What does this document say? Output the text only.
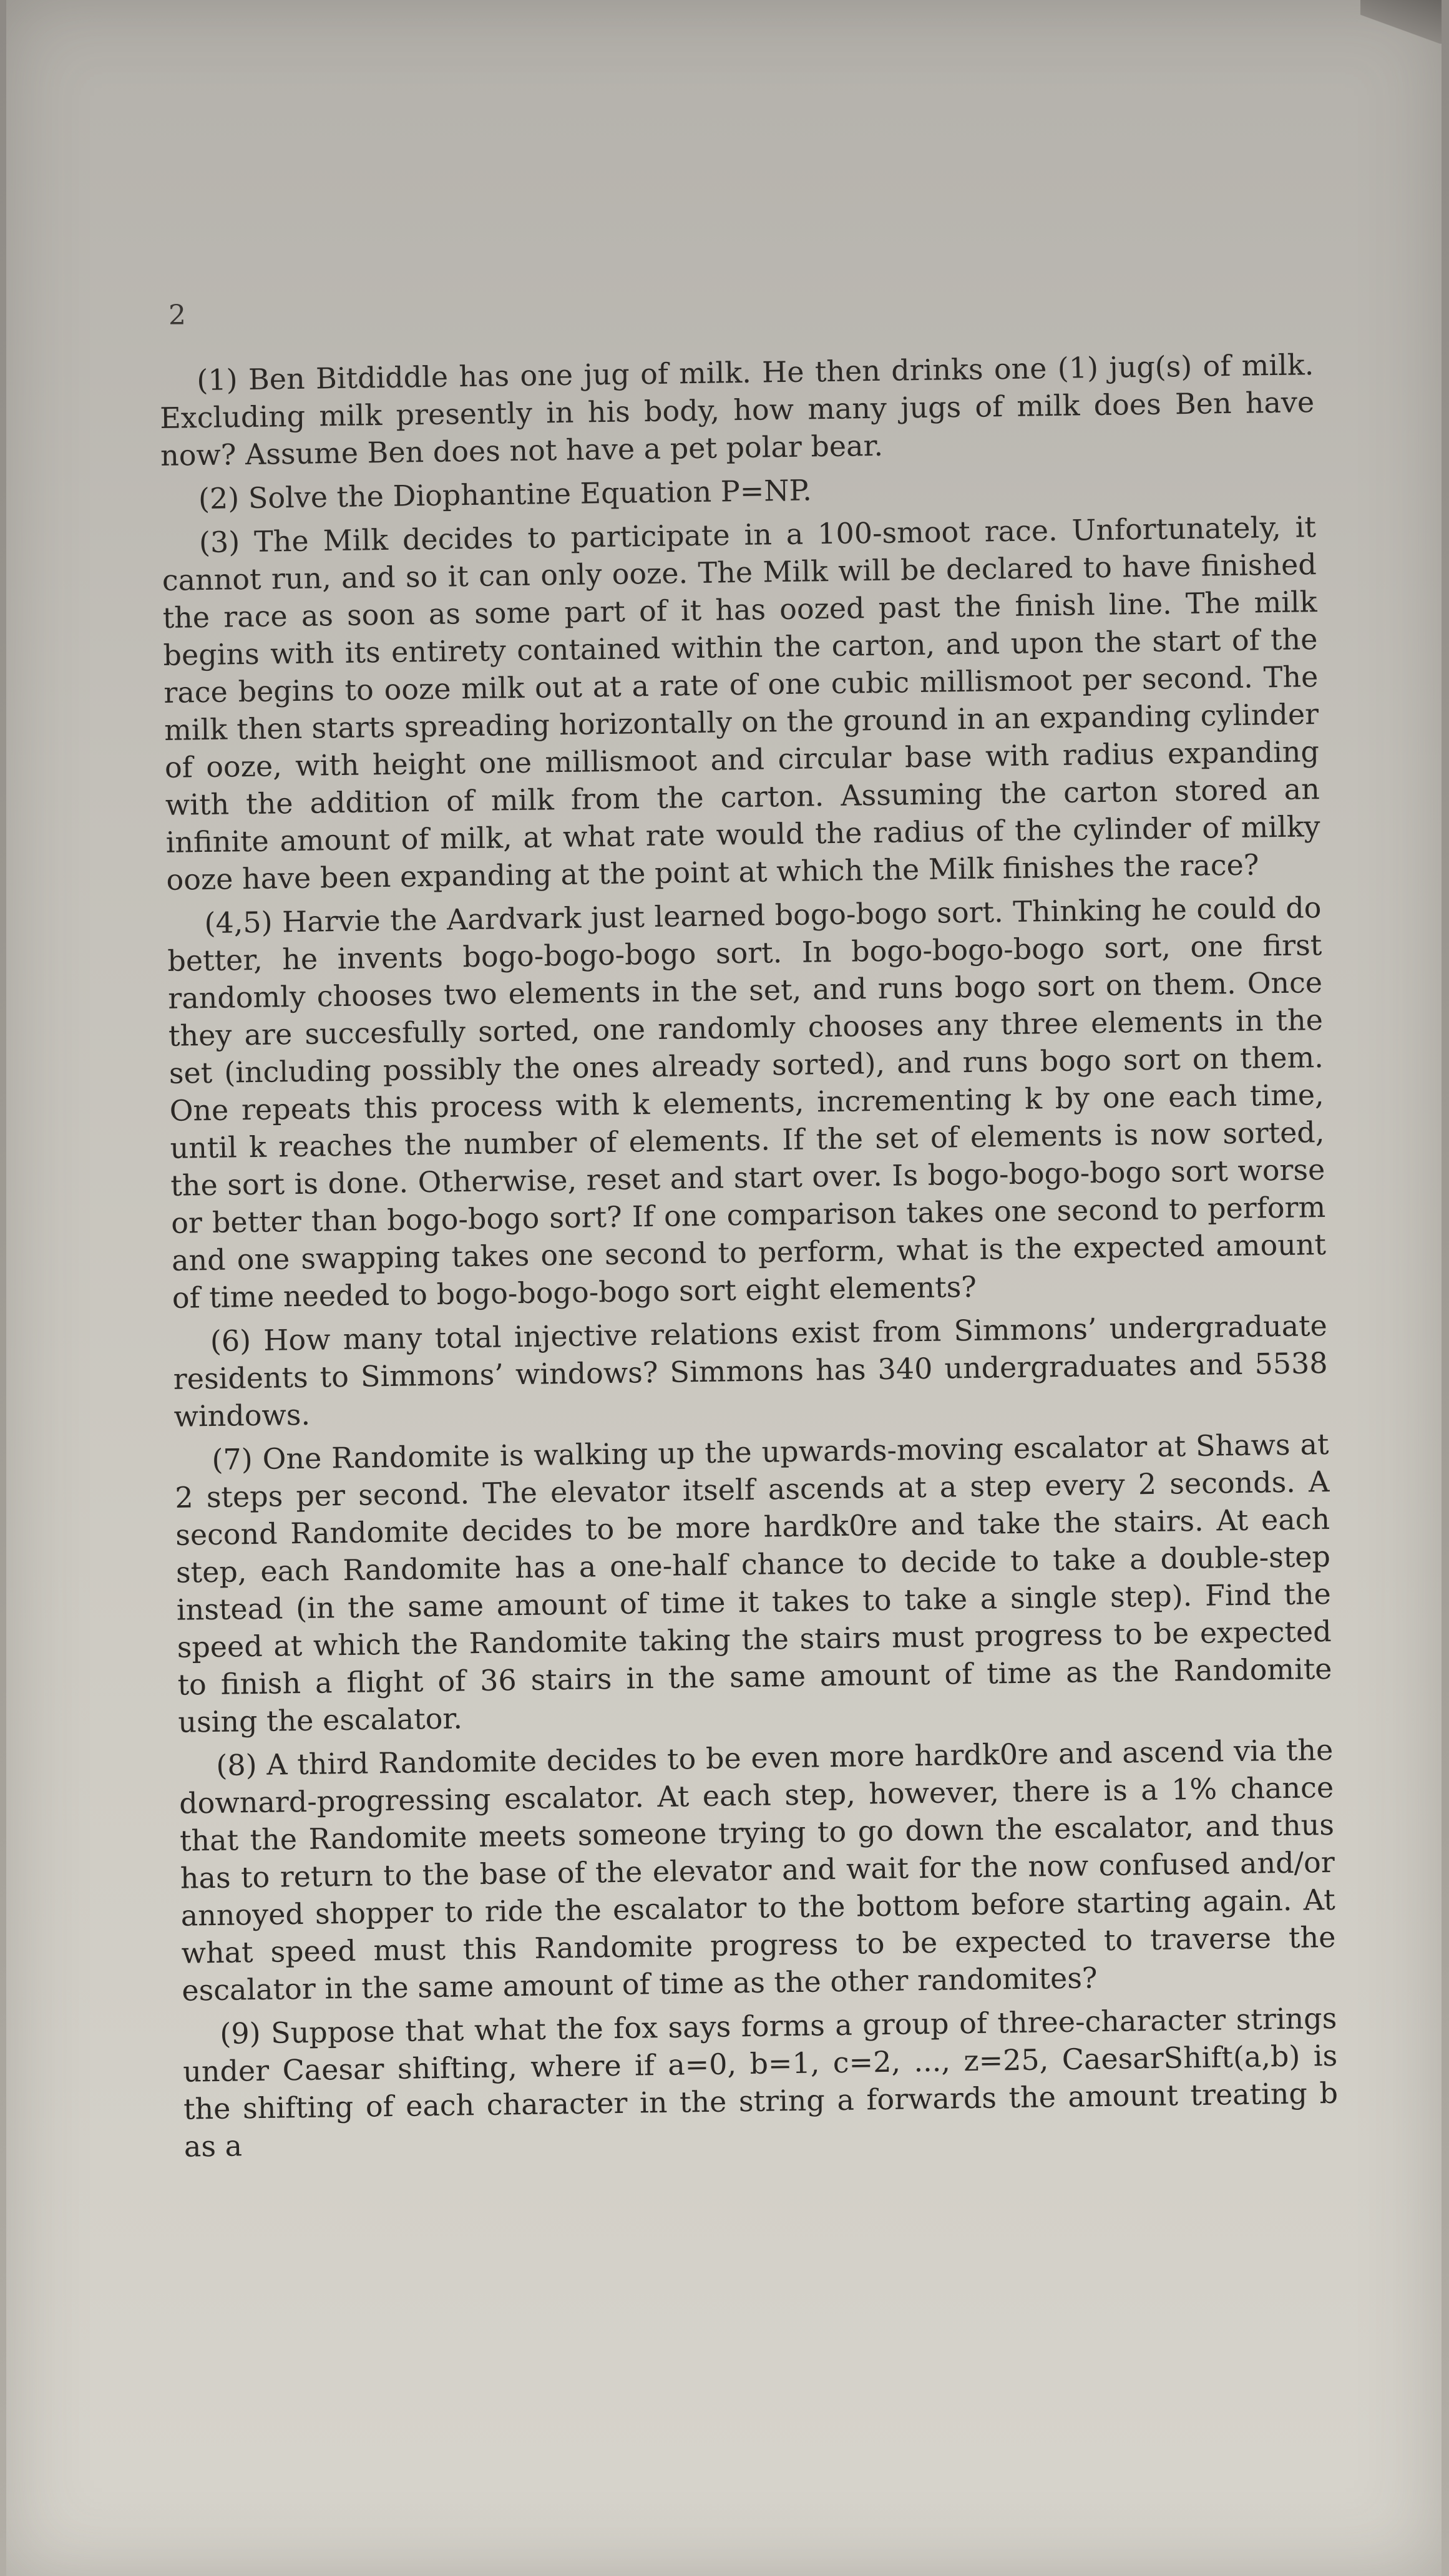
2

(1) Ben Bitdiddle has one jug of milk. He then drinks one (1) jug(s) of milk. Excluding milk presently in his body, how many jugs of milk does Ben have now? Assume Ben does not have a pet polar bear.

(2) Solve the Diophantine Equation P=NP.

(3) The Milk decides to participate in a 100-smoot race. Unfortunately, it cannot run, and so it can only ooze. The Milk will be declared to have finished the race as soon as some part of it has oozed past the finish line. The milk begins with its entirety contained within the carton, and upon the start of the race begins to ooze milk out at a rate of one cubic millismoot per second. The milk then starts spreading horizontally on the ground in an expanding cylinder of ooze, with height one millismoot and circular base with radius expanding with the addition of milk from the carton. Assuming the carton stored an infinite amount of milk, at what rate would the radius of the cylinder of milky ooze have been expanding at the point at which the Milk finishes the race?

(4,5) Harvie the Aardvark just learned bogo-bogo sort. Thinking he could do better, he invents bogo-bogo-bogo sort. In bogo-bogo-bogo sort, one first randomly chooses two elements in the set, and runs bogo sort on them. Once they are succesfully sorted, one randomly chooses any three elements in the set (including possibly the ones already sorted), and runs bogo sort on them. One repeats this process with k elements, incrementing k by one each time, until k reaches the number of elements. If the set of elements is now sorted, the sort is done. Otherwise, reset and start over. Is bogo-bogo-bogo sort worse or better than bogo-bogo sort? If one comparison takes one second to perform and one swapping takes one second to perform, what is the expected amount of time needed to bogo-bogo-bogo sort eight elements?

(6) How many total injective relations exist from Simmons’ undergraduate residents to Simmons’ windows? Simmons has 340 undergraduates and 5538 windows.

(7) One Randomite is walking up the upwards-moving escalator at Shaws at 2 steps per second. The elevator itself ascends at a step every 2 seconds. A second Randomite decides to be more hardk0re and take the stairs. At each step, each Randomite has a one-half chance to decide to take a double-step instead (in the same amount of time it takes to take a single step). Find the speed at which the Randomite taking the stairs must progress to be expected to finish a flight of 36 stairs in the same amount of time as the Randomite using the escalator.

(8) A third Randomite decides to be even more hardk0re and ascend via the downard-progressing escalator. At each step, however, there is a 1% chance that the Randomite meets someone trying to go down the escalator, and thus has to return to the base of the elevator and wait for the now confused and/or annoyed shopper to ride the escalator to the bottom before starting again. At what speed must this Randomite progress to be expected to traverse the escalator in the same amount of time as the other randomites?

(9) Suppose that what the fox says forms a group of three-character strings under Caesar shifting, where if a=0, b=1, c=2, ..., z=25, CaesarShift(a,b) is the shifting of each character in the string a forwards the amount treating b as a
